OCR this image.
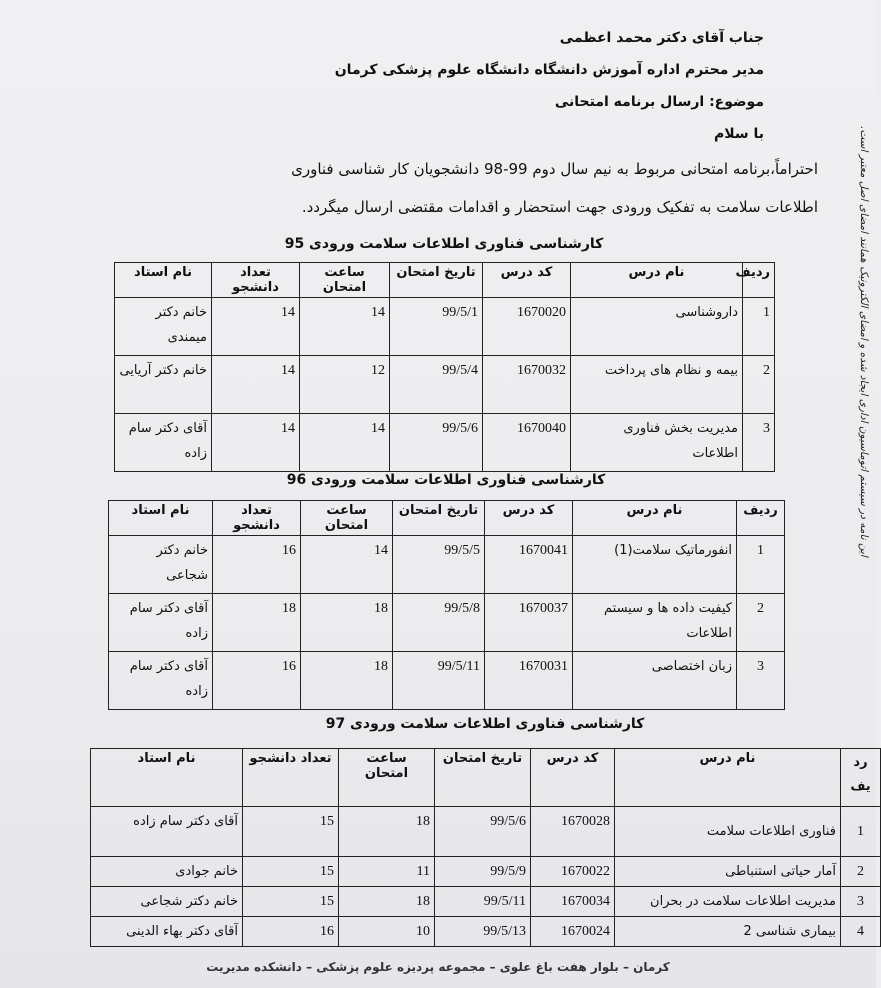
جناب آقای دکتر محمد اعظمی
مدیر محترم اداره آموزش دانشگاه دانشگاه علوم پزشکی کرمان
موضوع: ارسال برنامه امتحانی
با سلام
احتراماً،برنامه امتحانی مربوط به نیم سال دوم 99-98 دانشجویان کار شناسی فناوری
اطلاعات سلامت به تفکیک ورودی جهت استحضار و اقدامات مقتضی ارسال میگردد.	این نامه در سیستم اتوماسیون اداری ایجاد شده و امضای الکترونیک همانند امضای اصل معتبر است.
کارشناسی فناوری اطلاعات سلامت ورودی 95
ردیف	نام درس	کد درس	تاریخ امتحان	ساعت امتحان	تعداد دانشجو	نام استاد
1	داروشناسی	1670020	99/5/1	14	14	خانم دکتر میمندی
2	بیمه و نظام های پرداخت	1670032	99/5/4	12	14	خانم دکتر آریایی
3	مدیریت بخش فناوری اطلاعات	1670040	99/5/6	14	14	آقای دکتر سام زاده
کارشناسی فناوری اطلاعات سلامت ورودی 96
ردیف	نام درس	کد درس	تاریخ امتحان	ساعت امتحان	تعداد دانشجو	نام استاد
1	انفورماتیک سلامت(1)	1670041	99/5/5	14	16	خانم دکتر شجاعی
2	کیفیت داده ها و سیستم اطلاعات	1670037	99/5/8	18	18	آقای دکتر سام زاده
3	زبان اختصاصی	1670031	99/5/11	18	16	آقای دکتر سام زاده
کارشناسی فناوری اطلاعات سلامت ورودی 97
رد
یف	نام درس	کد درس	تاریخ امتحان	ساعت امتحان	تعداد دانشجو	نام استاد
1	فناوری اطلاعات سلامت	1670028	99/5/6	18	15	آقای دکتر سام زاده
2	آمار حیاتی استنباطی	1670022	99/5/9	11	15	خانم جوادی
3	مدیریت اطلاعات سلامت در بحران	1670034	99/5/11	18	15	خانم دکتر شجاعی
4	بیماری شناسی 2	1670024	99/5/13	10	16	آقای دکتر بهاء الدینی
کرمان – بلوار هفت باغ علوی – مجموعه پردیزه علوم پزشکی – دانشکده مدیریت
